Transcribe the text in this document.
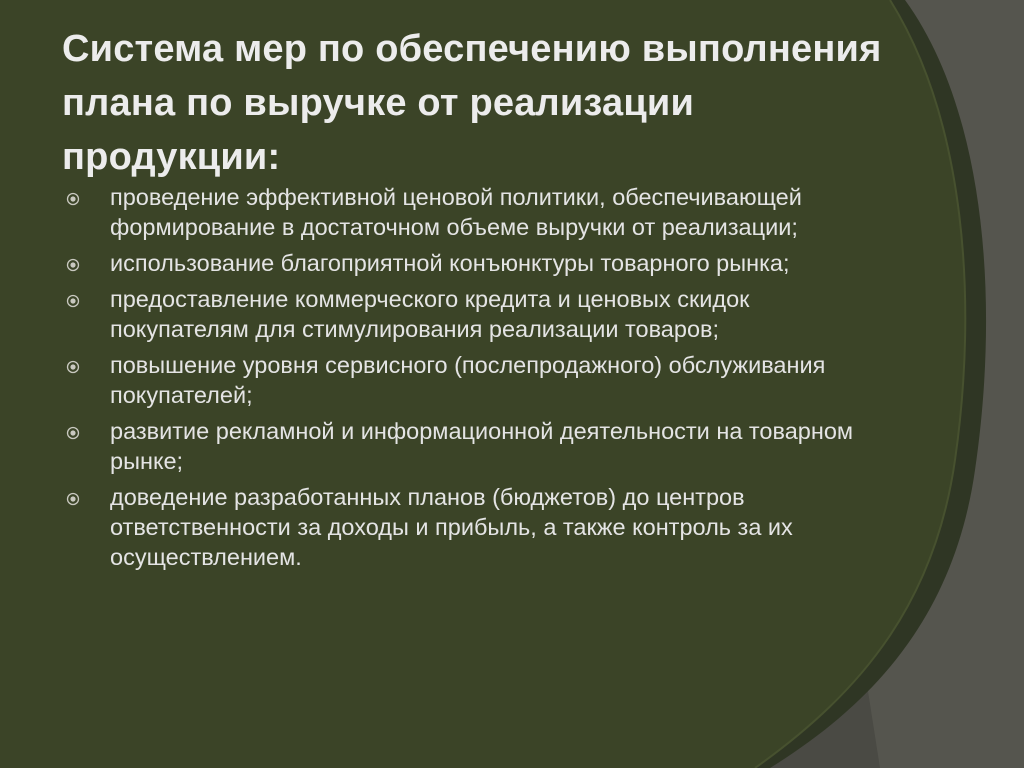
Система мер по обеспечению выполнения плана по выручке от реализации продукции:
проведение эффективной ценовой политики, обеспечивающей формирование в достаточном объеме выручки от реализации;
использование благоприятной конъюнктуры товарного рынка;
предоставление коммерческого кредита и ценовых скидок покупателям для стимулирования реализации товаров;
повышение уровня сервисного (послепродажного) обслуживания покупателей;
развитие рекламной и информационной деятельности на товарном рынке;
доведение разработанных планов (бюджетов) до центров ответственности за доходы и прибыль, а также контроль за их осуществлением.
